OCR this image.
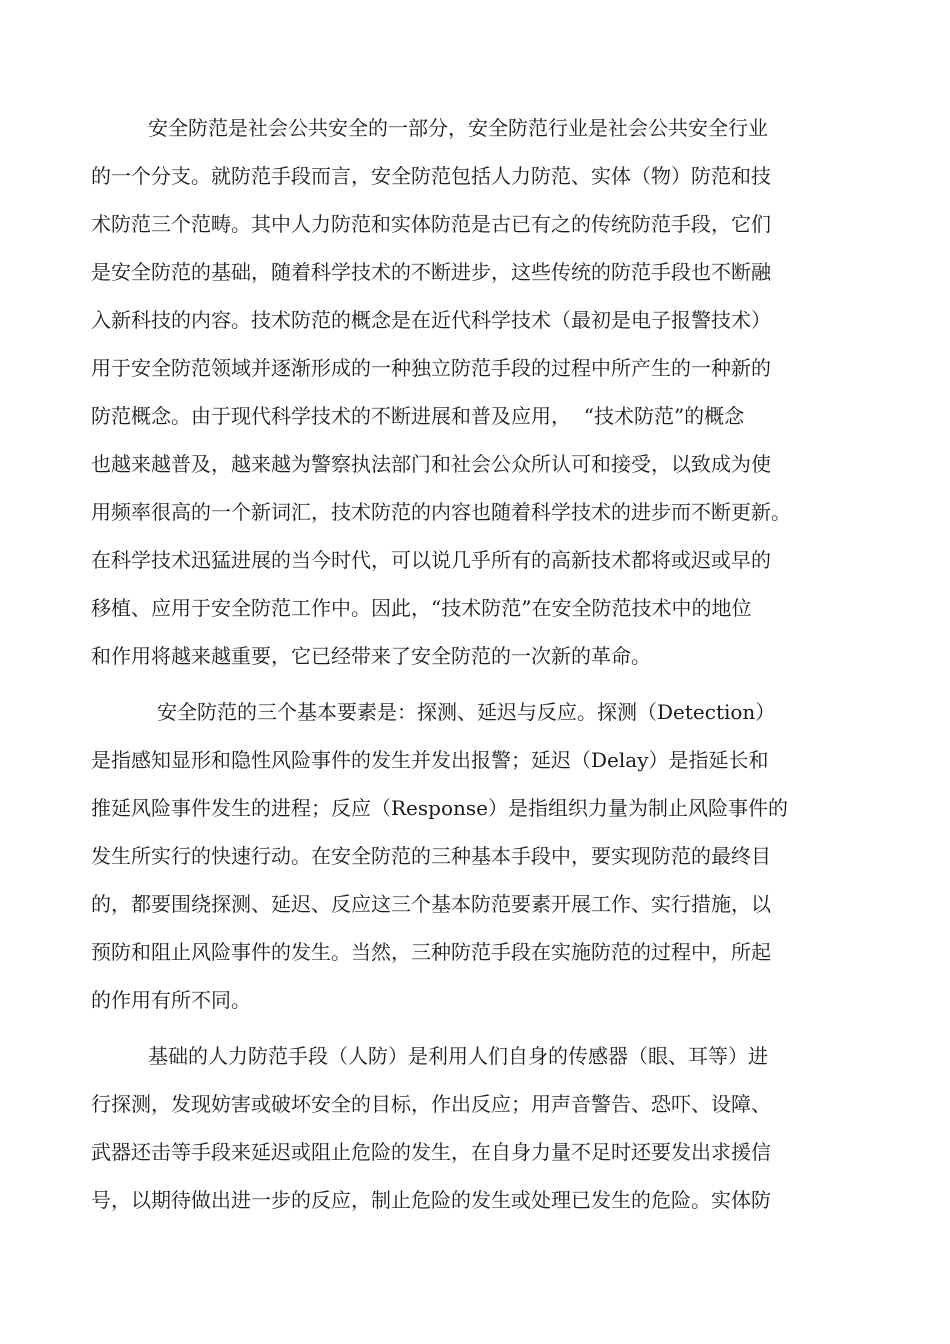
安全防范是社会公共安全的一部分，安全防范行业是社会公共安全行业
的一个分支。就防范手段而言，安全防范包括人力防范、实体（物）防范和技
术防范三个范畴。其中人力防范和实体防范是古已有之的传统防范手段，它们
是安全防范的基础，随着科学技术的不断进步，这些传统的防范手段也不断融
入新科技的内容。技术防范的概念是在近代科学技术（最初是电子报警技术）
用于安全防范领域并逐渐形成的一种独立防范手段的过程中所产生的一种新的
防范概念。由于现代科学技术的不断进展和普及应用，  “技术防范”的概念
也越来越普及，越来越为警察执法部门和社会公众所认可和接受，以致成为使
用频率很高的一个新词汇，技术防范的内容也随着科学技术的进步而不断更新。
在科学技术迅猛进展的当今时代，可以说几乎所有的高新技术都将或迟或早的
移植、应用于安全防范工作中。因此，“技术防范”在安全防范技术中的地位
和作用将越来越重要，它已经带来了安全防范的一次新的革命。
安全防范的三个基本要素是：探测、延迟与反应。探测（Detection）
是指感知显形和隐性风险事件的发生并发出报警；延迟（Delay）是指延长和
推延风险事件发生的进程；反应（Response）是指组织力量为制止风险事件的
发生所实行的快速行动。在安全防范的三种基本手段中，要实现防范的最终目
的，都要围绕探测、延迟、反应这三个基本防范要素开展工作、实行措施，以
预防和阻止风险事件的发生。当然，三种防范手段在实施防范的过程中，所起
的作用有所不同。
基础的人力防范手段（人防）是利用人们自身的传感器（眼、耳等）进
行探测，发现妨害或破坏安全的目标，作出反应；用声音警告、恐吓、设障、
武器还击等手段来延迟或阻止危险的发生，在自身力量不足时还要发出求援信
号，以期待做出进一步的反应，制止危险的发生或处理已发生的危险。实体防
